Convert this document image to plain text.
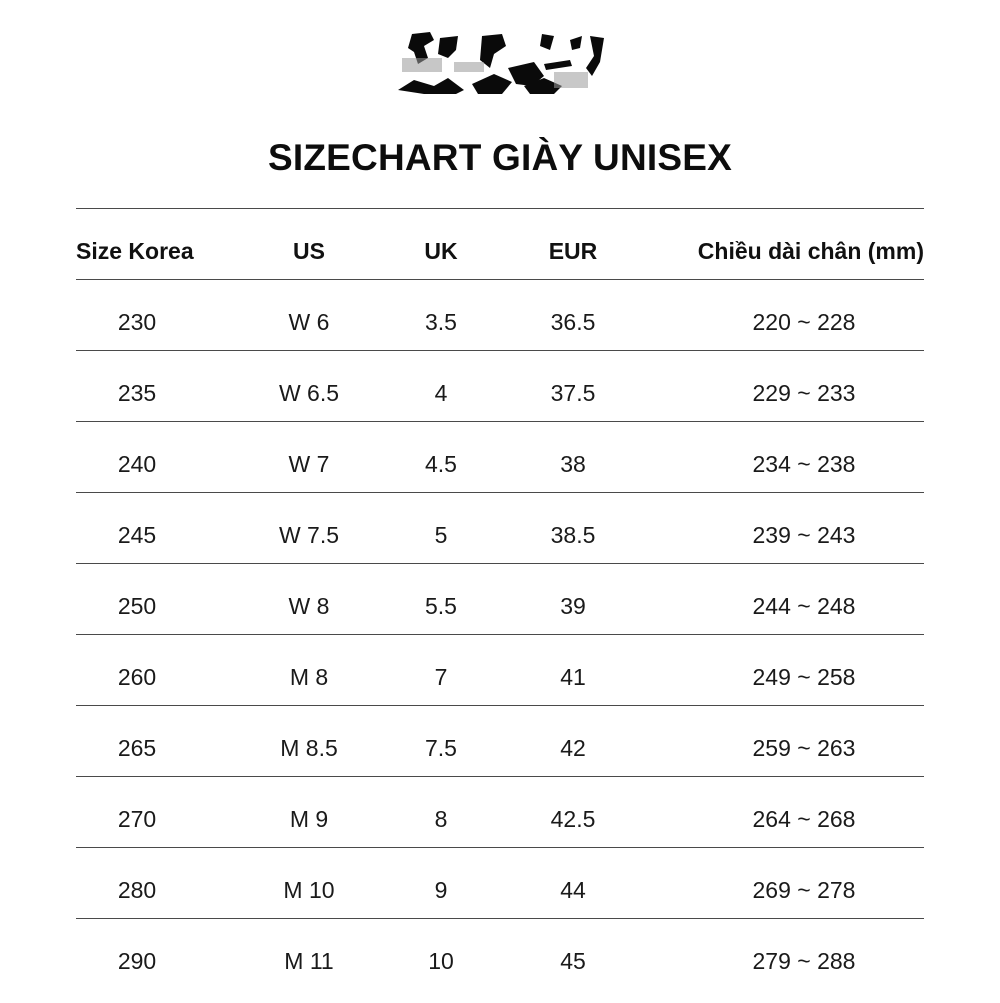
SIZECHART GIÀY UNISEX
Size Korea	US	UK	EUR	Chiều dài chân (mm)
230	W 6	3.5	36.5	220 ~ 228
235	W 6.5	4	37.5	229 ~ 233
240	W 7	4.5	38	234 ~ 238
245	W 7.5	5	38.5	239 ~ 243
250	W 8	5.5	39	244 ~ 248
260	M 8	7	41	249 ~ 258
265	M 8.5	7.5	42	259 ~ 263
270	M 9	8	42.5	264 ~ 268
280	M 10	9	44	269 ~ 278
290	M 11	10	45	279 ~ 288
